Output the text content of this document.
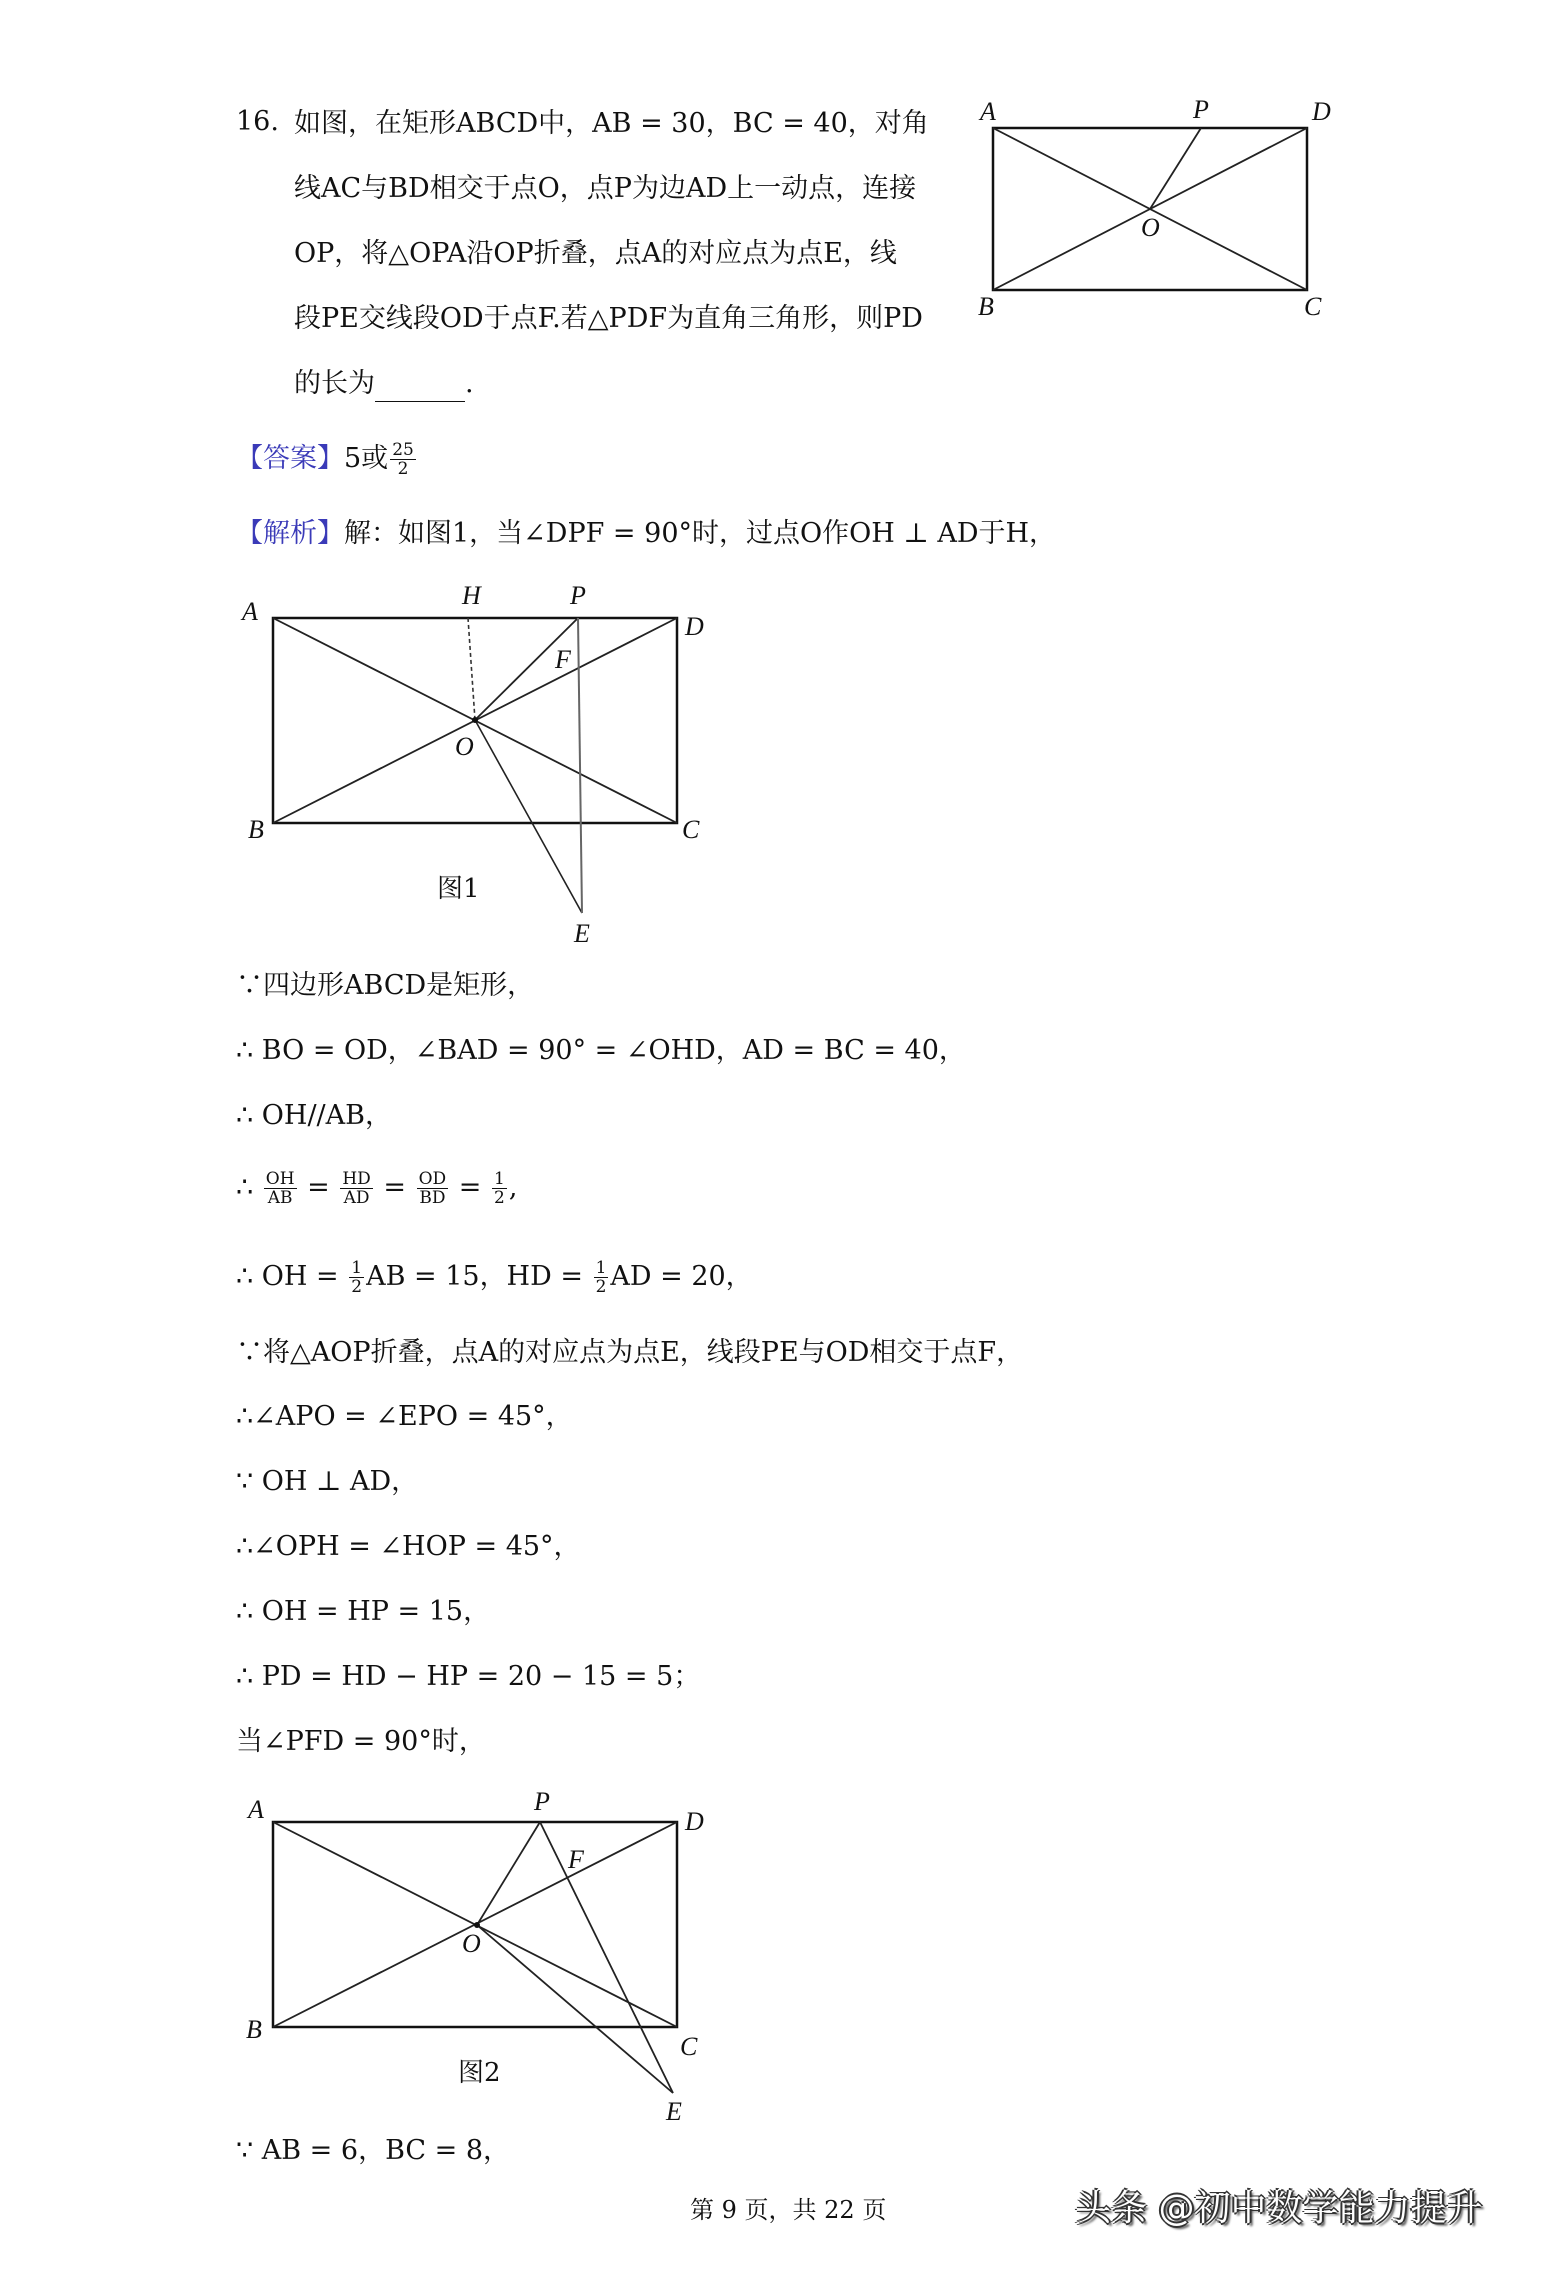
16. 如图，在矩形ABCD中，AB = 30，BC = 40，对角
线AC与BD相交于点O，点P为边AD上一动点，连接
OP，将△OPA沿OP折叠，点A的对应点为点E，线
段PE交线段OD于点F.若△PDF为直角三角形，则PD
的长为	.
A	P	D
O
B	C
【答案】5或 $\frac{25}{2}$
【解析】解：如图1，当∠DPF = 90°时，过点O作OH ⊥ AD于H，
A
H	P
D
F
O
B	C
E
图1
∵四边形ABCD是矩形，
∴ BO = OD，∠BAD = 90° = ∠OHD，AD = BC = 40，
∴ OH//AB，
∴ $\frac{OH}{AB} = \frac{HD}{AD} = \frac{OD}{BD} = \frac{1}{2}$ ,
∴ OH = $\frac{1}{2}$ AB = 15，HD = $\frac{1}{2}$ AD = 20，
∵将△AOP折叠，点A的对应点为点E，线段PE与OD相交于点F，
∴∠APO = ∠EPO = 45°，
∵ OH ⊥ AD，
∴∠OPH = ∠HOP = 45°，
∴ OH = HP = 15，
∴ PD = HD − HP = 20 − 15 = 5；
当∠PFD = 90°时，
A	P
D
F
O
B
C
E
图2
∵ AB = 6，BC = 8，
第 9 页，共 22 页	头条 @初中数学能力提升
